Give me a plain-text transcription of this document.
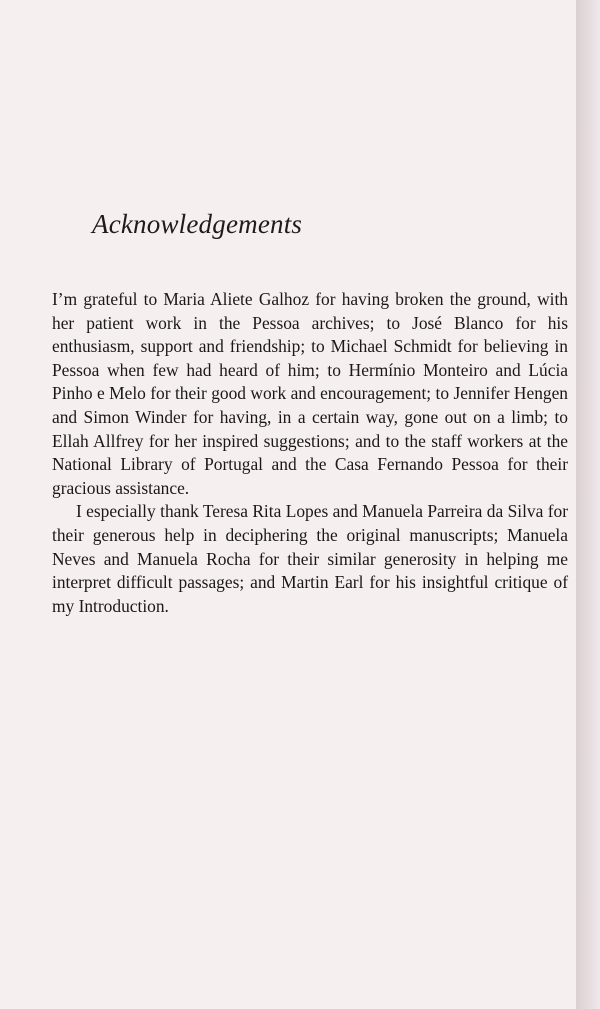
Acknowledgements

I’m grateful to Maria Aliete Galhoz for having broken the ground, with her patient work in the Pessoa archives; to José Blanco for his enthusiasm, support and friendship; to Michael Schmidt for believing in Pessoa when few had heard of him; to Hermínio Monteiro and Lúcia Pinho e Melo for their good work and encouragement; to Jennifer Hengen and Simon Winder for having, in a certain way, gone out on a limb; to Ellah Allfrey for her inspired suggestions; and to the staff workers at the National Library of Portugal and the Casa Fernando Pessoa for their gracious assistance.

I especially thank Teresa Rita Lopes and Manuela Parreira da Silva for their generous help in deciphering the original manuscripts; Manuela Neves and Manuela Rocha for their similar generosity in helping me interpret difficult passages; and Martin Earl for his insightful critique of my Introduction.
